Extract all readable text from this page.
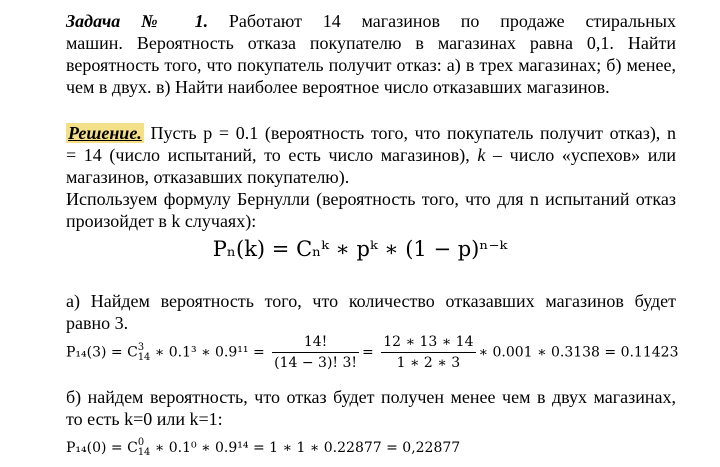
Задача № 1. Работают 14 магазинов по продаже стиральных
машин. Вероятность отказа покупателю в магазинах равна 0,1. Найти
вероятность того, что покупатель получит отказ: а) в трех магазинах; б) менее,
чем в двух. в) Найти наиболее вероятное число отказавших магазинов.
Решение. Пусть p = 0.1 (вероятность того, что покупатель получит отказ), n
= 14 (число испытаний, то есть число магазинов), k – число «успехов» или
магазинов, отказавших покупателю).
Используем формулу Бернулли (вероятность того, что для n испытаний отказ
произойдет в k случаях):
Pₙ(k) = Cₙᵏ ∗ pᵏ ∗ (1 − p)ⁿ⁻ᵏ
а) Найдем вероятность того, что количество отказавших магазинов будет
равно 3.
P₁₄(3) = C 3
14 ∗ 0.1³ ∗ $0.9^{11} = \frac{14!}{(14 - 3)! 3!} = \frac{12 ∗ 13 ∗ 14}{1 ∗ 2 ∗ 3}$ ∗ 0.001 ∗ 0.3138 = 0.11423
б) найдем вероятность, что отказ будет получен менее чем в двух магазинах,
то есть k=0 или k=1:
P₁₄(0) = C 0
14 ∗ 0.1⁰ ∗ 0.9¹⁴ = 1 ∗ 1 ∗ 0.22877 = 0,22877
